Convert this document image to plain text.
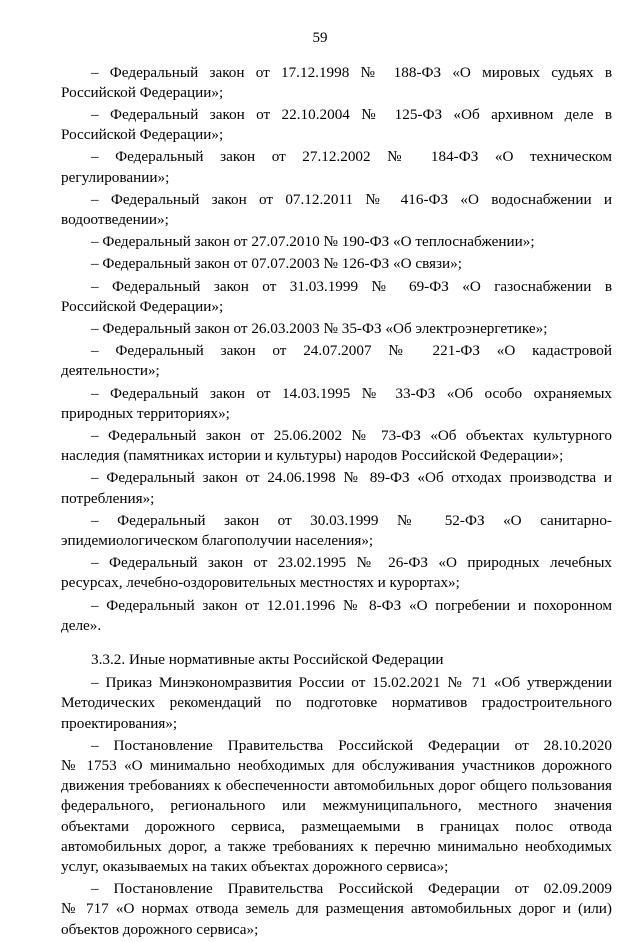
59
– Федеральный закон от 17.12.1998 № 188-ФЗ «О мировых судьях в
Российской Федерации»;
– Федеральный закон от 22.10.2004 № 125-ФЗ «Об архивном деле в
Российской Федерации»;
– Федеральный закон от 27.12.2002 № 184-ФЗ «О техническом
регулировании»;
– Федеральный закон от 07.12.2011 № 416-ФЗ «О водоснабжении и
водоотведении»;
– Федеральный закон от 27.07.2010 № 190-ФЗ «О теплоснабжении»;
– Федеральный закон от 07.07.2003 № 126-ФЗ «О связи»;
– Федеральный закон от 31.03.1999 № 69-ФЗ «О газоснабжении в
Российской Федерации»;
– Федеральный закон от 26.03.2003 № 35-ФЗ «Об электроэнергетике»;
– Федеральный закон от 24.07.2007 № 221-ФЗ «О кадастровой
деятельности»;
– Федеральный закон от 14.03.1995 № 33-ФЗ «Об особо охраняемых
природных территориях»;
– Федеральный закон от 25.06.2002 № 73-ФЗ «Об объектах культурного
наследия (памятниках истории и культуры) народов Российской Федерации»;
– Федеральный закон от 24.06.1998 № 89-ФЗ «Об отходах производства и
потребления»;
– Федеральный закон от 30.03.1999 № 52-ФЗ «О санитарно-
эпидемиологическом благополучии населения»;
– Федеральный закон от 23.02.1995 № 26-ФЗ «О природных лечебных
ресурсах, лечебно-оздоровительных местностях и курортах»;
– Федеральный закон от 12.01.1996 № 8-ФЗ «О погребении и похоронном
деле».
3.3.2. Иные нормативные акты Российской Федерации
– Приказ Минэкономразвития России от 15.02.2021 № 71 «Об утверждении
Методических рекомендаций по подготовке нормативов градостроительного
проектирования»;
– Постановление Правительства Российской Федерации от 28.10.2020
№ 1753 «О минимально необходимых для обслуживания участников дорожного
движения требованиях к обеспеченности автомобильных дорог общего пользования
федерального, регионального или межмуниципального, местного значения
объектами дорожного сервиса, размещаемыми в границах полос отвода
автомобильных дорог, а также требованиях к перечню минимально необходимых
услуг, оказываемых на таких объектах дорожного сервиса»;
– Постановление Правительства Российской Федерации от 02.09.2009
№ 717 «О нормах отвода земель для размещения автомобильных дорог и (или)
объектов дорожного сервиса»;
